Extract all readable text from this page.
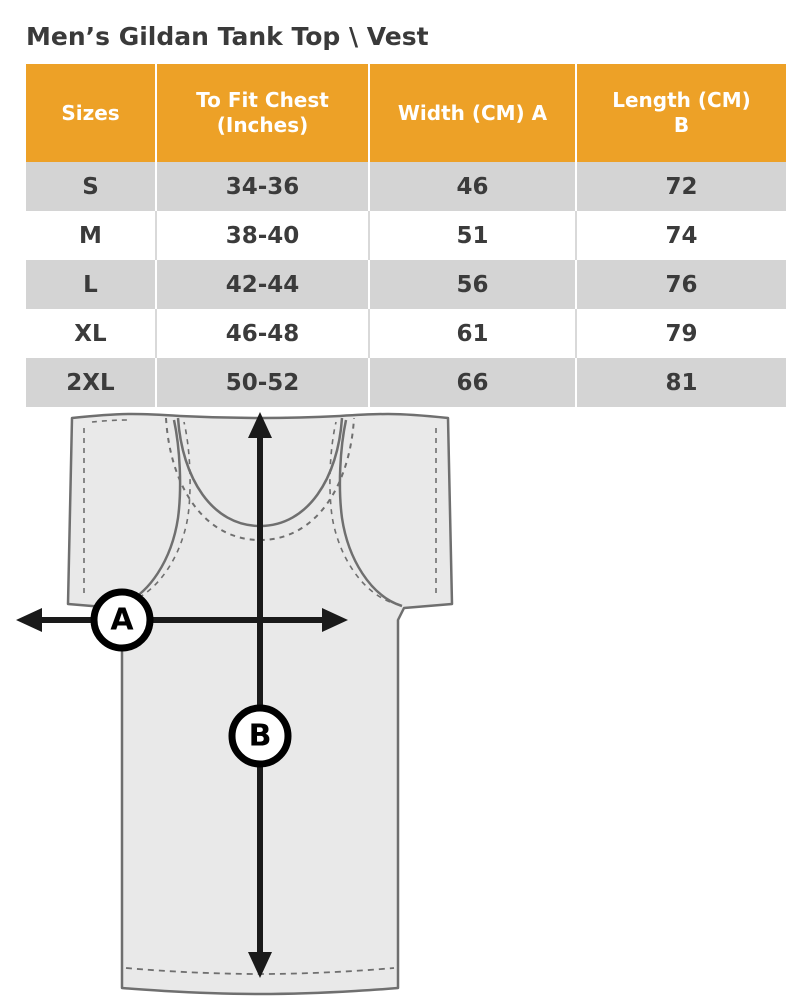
Men’s Gildan Tank Top \ Vest
Sizes

To Fit Chest
(Inches)

Width (CM) A

Length (CM)
B

S	34-36	46	72
M	38-40	51	74
L	42-44	56	76
XL	46-48	61	79
2XL	50-52	66	81
A
B
